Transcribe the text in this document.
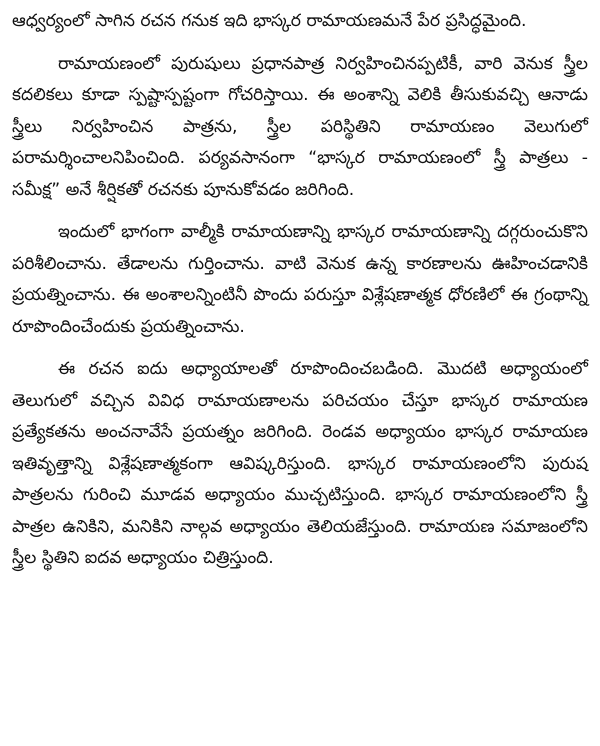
ఆధ్వర్యంలో సాగిన రచన గనుక ఇది భాస్కర రామాయణమనే పేర ప్రసిద్ధమైంది.

రామాయణంలో పురుషులు ప్రధానపాత్ర నిర్వహించినప్పటికీ, వారి వెనుక స్త్రీల కదలికలు కూడా స్పష్టాస్పష్టంగా గోచరిస్తాయి. ఈ అంశాన్ని వెలికి తీసుకువచ్చి ఆనాడు స్త్రీలు నిర్వహించిన పాత్రను, స్త్రీల పరిస్థితిని రామాయణం వెలుగులో పరామర్శించాలనిపించింది. పర్యవసానంగా “భాస్కర రామాయణంలో స్త్రీ పాత్రలు - సమీక్ష” అనే శీర్షికతో రచనకు పూనుకోవడం జరిగింది.

ఇందులో భాగంగా వాల్మీకి రామాయణాన్ని భాస్కర రామాయణాన్ని దగ్గరుంచుకొని పరిశీలించాను. తేడాలను గుర్తించాను. వాటి వెనుక ఉన్న కారణాలను ఊహించడానికి ప్రయత్నించాను. ఈ అంశాలన్నింటినీ పొందు పరుస్తూ విశ్లేషణాత్మక ధోరణిలో ఈ గ్రంథాన్ని రూపొందించేందుకు ప్రయత్నించాను.

ఈ రచన ఐదు అధ్యాయాలతో రూపొందించబడింది. మొదటి అధ్యాయంలో తెలుగులో వచ్చిన వివిధ రామాయణాలను పరిచయం చేస్తూ భాస్కర రామాయణ ప్రత్యేకతను అంచనావేసే ప్రయత్నం జరిగింది. రెండవ అధ్యాయం భాస్కర రామాయణ ఇతివృత్తాన్ని విశ్లేషణాత్మకంగా ఆవిష్కరిస్తుంది. భాస్కర రామాయణంలోని పురుష పాత్రలను గురించి మూడవ అధ్యాయం ముచ్చటిస్తుంది. భాస్కర రామాయణంలోని స్త్రీ పాత్రల ఉనికిని, మనికిని నాల్గవ అధ్యాయం తెలియజేస్తుంది. రామాయణ సమాజంలోని స్త్రీల స్థితిని ఐదవ అధ్యాయం చిత్రిస్తుంది.
